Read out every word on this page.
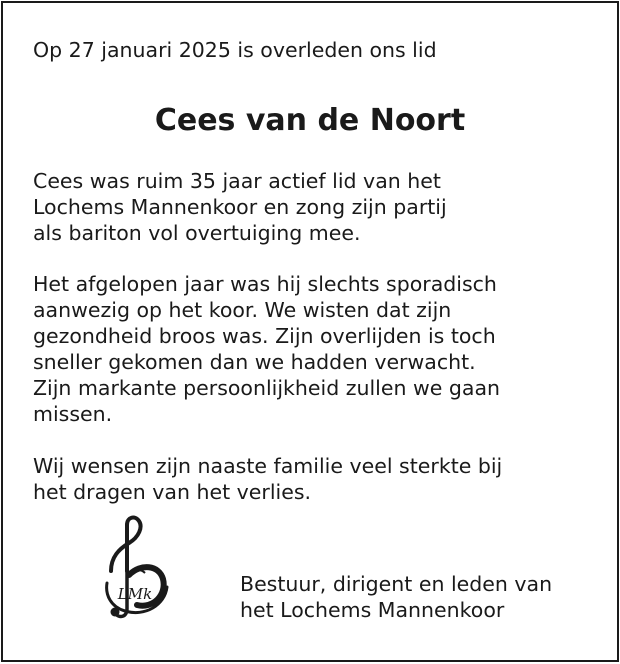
Op 27 januari 2025 is overleden ons lid
Cees van de Noort
Cees was ruim 35 jaar actief lid van het
Lochems Mannenkoor en zong zijn partij
als bariton vol overtuiging mee.
Het afgelopen jaar was hij slechts sporadisch
aanwezig op het koor. We wisten dat zijn
gezondheid broos was. Zijn overlijden is toch
sneller gekomen dan we hadden verwacht.
Zijn markante persoonlijkheid zullen we gaan
missen.
Wij wensen zijn naaste familie veel sterkte bij
het dragen van het verlies.
LMk	Bestuur, dirigent en leden van
het Lochems Mannenkoor
